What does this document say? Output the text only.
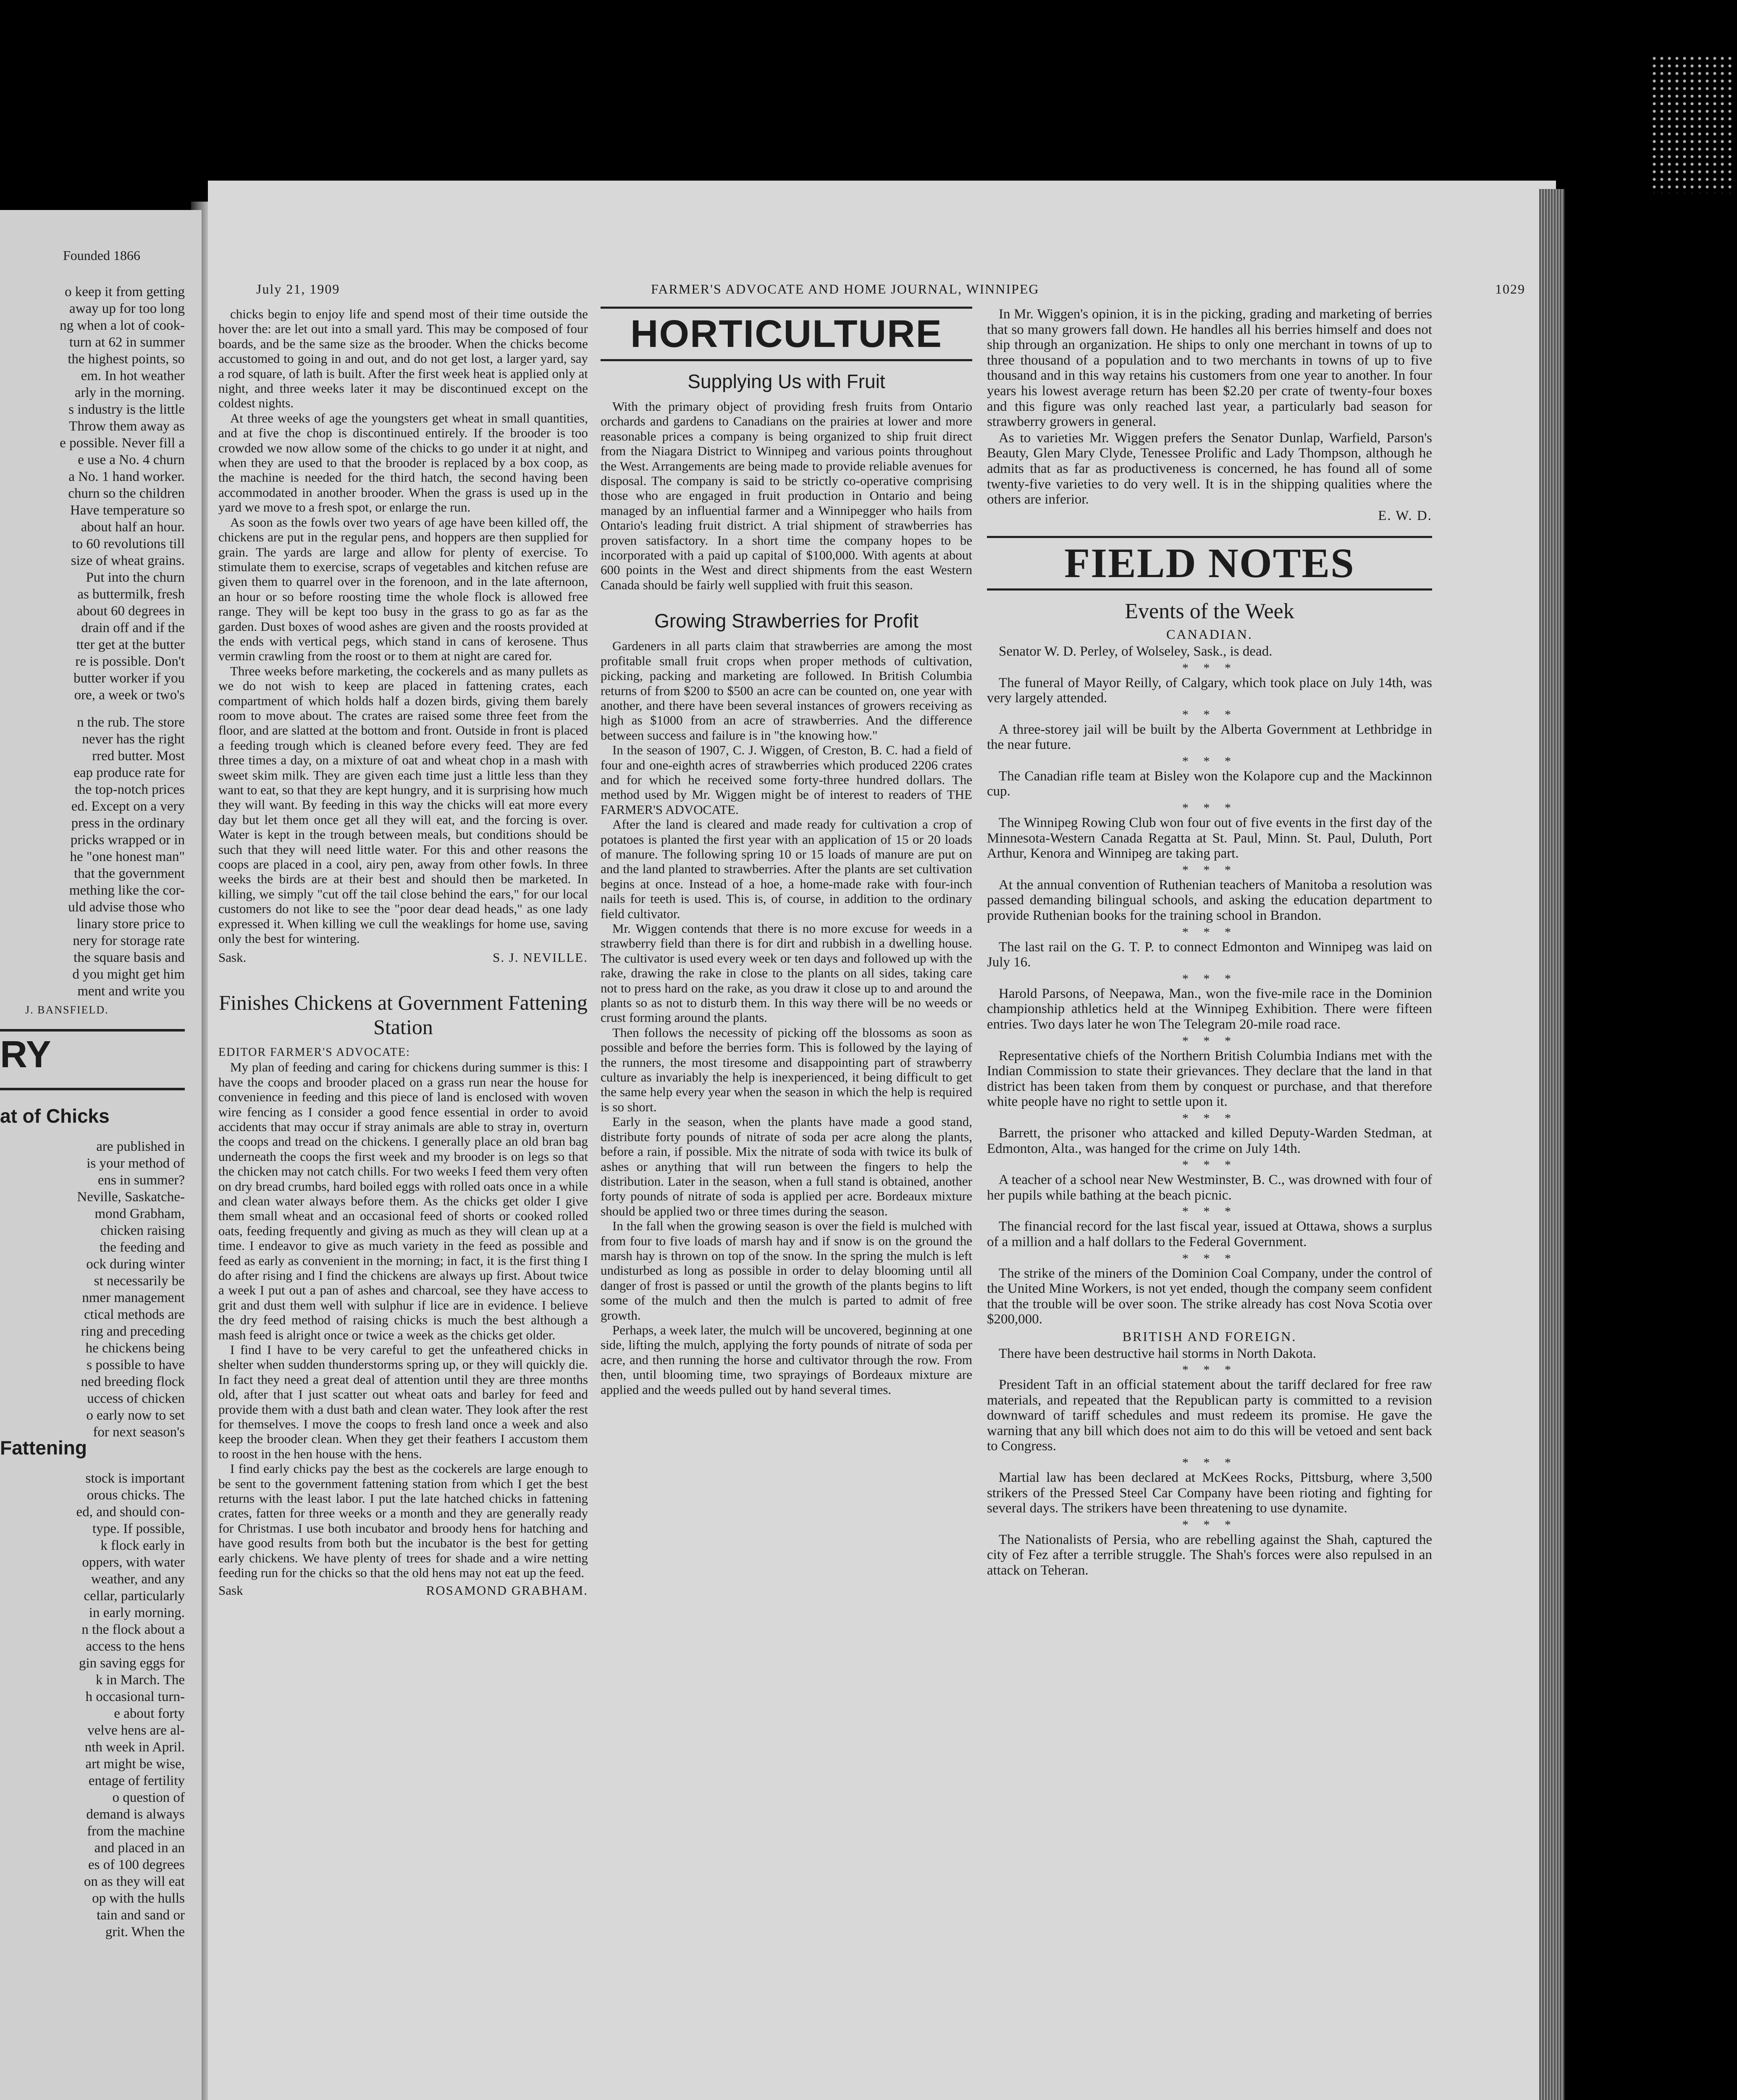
Founded 1866
o keep it from getting
away up for too long
ng when a lot of cook-
turn at 62 in summer
the highest points, so
em. In hot weather
arly in the morning.
s industry is the little
Throw them away as
e possible. Never fill a
e use a No. 4 churn
a No. 1 hand worker.
churn so the children
Have temperature so
about half an hour.
to 60 revolutions till
size of wheat grains.
Put into the churn
as buttermilk, fresh
about 60 degrees in
drain off and if the
tter get at the butter
re is possible. Don't
butter worker if you
ore, a week or two's
n the rub. The store
never has the right
rred butter. Most
eap produce rate for
the top-notch prices
ed. Except on a very
press in the ordinary
pricks wrapped or in
he "one honest man"
that the government
mething like the cor-
uld advise those who
linary store price to
nery for storage rate
the square basis and
d you might get him
ment and write you
J. BANSFIELD.
RY
at of Chicks
are published in
is your method of
ens in summer?
Neville, Saskatche-
mond Grabham,
chicken raising
the feeding and
ock during winter
st necessarily be
nmer management
ctical methods are
ring and preceding
he chickens being
s possible to have
ned breeding flock
uccess of chicken
o early now to set
for next season's
Fattening
stock is important
orous chicks. The
ed, and should con-
type. If possible,
k flock early in
oppers, with water
weather, and any
cellar, particularly
in early morning.
n the flock about a
access to the hens
gin saving eggs for
k in March. The
h occasional turn-
e about forty
velve hens are al-
nth week in April.
art might be wise,
entage of fertility
o question of
demand is always
from the machine
and placed in an
es of 100 degrees
on as they will eat
op with the hulls
tain and sand or
grit. When the
July 21, 1909	FARMER'S ADVOCATE AND HOME JOURNAL, WINNIPEG	1029

chicks begin to enjoy life and spend most of their time outside the hover the: are let out into a small yard. This may be composed of four boards, and be the same size as the brooder. When the chicks become accustomed to going in and out, and do not get lost, a larger yard, say a rod square, of lath is built. After the first week heat is applied only at night, and three weeks later it may be discontinued except on the coldest nights.

At three weeks of age the youngsters get wheat in small quantities, and at five the chop is discontinued entirely. If the brooder is too crowded we now allow some of the chicks to go under it at night, and when they are used to that the brooder is replaced by a box coop, as the machine is needed for the third hatch, the second having been accommodated in another brooder. When the grass is used up in the yard we move to a fresh spot, or enlarge the run.

As soon as the fowls over two years of age have been killed off, the chickens are put in the regular pens, and hoppers are then supplied for grain. The yards are large and allow for plenty of exercise. To stimulate them to exercise, scraps of vegetables and kitchen refuse are given them to quarrel over in the forenoon, and in the late afternoon, an hour or so before roosting time the whole flock is allowed free range. They will be kept too busy in the grass to go as far as the garden. Dust boxes of wood ashes are given and the roosts provided at the ends with vertical pegs, which stand in cans of kerosene. Thus vermin crawling from the roost or to them at night are cared for.

Three weeks before marketing, the cockerels and as many pullets as we do not wish to keep are placed in fattening crates, each compartment of which holds half a dozen birds, giving them barely room to move about. The crates are raised some three feet from the floor, and are slatted at the bottom and front. Outside in front is placed a feeding trough which is cleaned before every feed. They are fed three times a day, on a mixture of oat and wheat chop in a mash with sweet skim milk. They are given each time just a little less than they want to eat, so that they are kept hungry, and it is surprising how much they will want. By feeding in this way the chicks will eat more every day but let them once get all they will eat, and the forcing is over. Water is kept in the trough between meals, but conditions should be such that they will need little water. For this and other reasons the coops are placed in a cool, airy pen, away from other fowls. In three weeks the birds are at their best and should then be marketed. In killing, we simply "cut off the tail close behind the ears," for our local customers do not like to see the "poor dear dead heads," as one lady expressed it. When killing we cull the weaklings for home use, saving only the best for wintering.

Sask.	S. J. NEVILLE.
Finishes Chickens at Government Fattening Station

EDITOR FARMER'S ADVOCATE:

My plan of feeding and caring for chickens during summer is this: I have the coops and brooder placed on a grass run near the house for convenience in feeding and this piece of land is enclosed with woven wire fencing as I consider a good fence essential in order to avoid accidents that may occur if stray animals are able to stray in, overturn the coops and tread on the chickens. I generally place an old bran bag underneath the coops the first week and my brooder is on legs so that the chicken may not catch chills. For two weeks I feed them very often on dry bread crumbs, hard boiled eggs with rolled oats once in a while and clean water always before them. As the chicks get older I give them small wheat and an occasional feed of shorts or cooked rolled oats, feeding frequently and giving as much as they will clean up at a time. I endeavor to give as much variety in the feed as possible and feed as early as convenient in the morning; in fact, it is the first thing I do after rising and I find the chickens are always up first. About twice a week I put out a pan of ashes and charcoal, see they have access to grit and dust them well with sulphur if lice are in evidence. I believe the dry feed method of raising chicks is much the best although a mash feed is alright once or twice a week as the chicks get older.

I find I have to be very careful to get the unfeathered chicks in shelter when sudden thunderstorms spring up, or they will quickly die. In fact they need a great deal of attention until they are three months old, after that I just scatter out wheat oats and barley for feed and provide them with a dust bath and clean water. They look after the rest for themselves. I move the coops to fresh land once a week and also keep the brooder clean. When they get their feathers I accustom them to roost in the hen house with the hens.

I find early chicks pay the best as the cockerels are large enough to be sent to the government fattening station from which I get the best returns with the least labor. I put the late hatched chicks in fattening crates, fatten for three weeks or a month and they are generally ready for Christmas. I use both incubator and broody hens for hatching and have good results from both but the incubator is the best for getting early chickens. We have plenty of trees for shade and a wire netting feeding run for the chicks so that the old hens may not eat up the feed.

Sask	ROSAMOND GRABHAM.
HORTICULTURE
Supplying Us with Fruit

With the primary object of providing fresh fruits from Ontario orchards and gardens to Canadians on the prairies at lower and more reasonable prices a company is being organized to ship fruit direct from the Niagara District to Winnipeg and various points throughout the West. Arrangements are being made to provide reliable avenues for disposal. The company is said to be strictly co-operative comprising those who are engaged in fruit production in Ontario and being managed by an influential farmer and a Winnipegger who hails from Ontario's leading fruit district. A trial shipment of strawberries has proven satisfactory. In a short time the company hopes to be incorporated with a paid up capital of $100,000. With agents at about 600 points in the West and direct shipments from the east Western Canada should be fairly well supplied with fruit this season.

Growing Strawberries for Profit

Gardeners in all parts claim that strawberries are among the most profitable small fruit crops when proper methods of cultivation, picking, packing and marketing are followed. In British Columbia returns of from $200 to $500 an acre can be counted on, one year with another, and there have been several instances of growers receiving as high as $1000 from an acre of strawberries. And the difference between success and failure is in "the knowing how."

In the season of 1907, C. J. Wiggen, of Creston, B. C. had a field of four and one-eighth acres of strawberries which produced 2206 crates and for which he received some forty-three hundred dollars. The method used by Mr. Wiggen might be of interest to readers of THE FARMER'S ADVOCATE.

After the land is cleared and made ready for cultivation a crop of potatoes is planted the first year with an application of 15 or 20 loads of manure. The following spring 10 or 15 loads of manure are put on and the land planted to strawberries. After the plants are set cultivation begins at once. Instead of a hoe, a home-made rake with four-inch nails for teeth is used. This is, of course, in addition to the ordinary field cultivator.

Mr. Wiggen contends that there is no more excuse for weeds in a strawberry field than there is for dirt and rubbish in a dwelling house. The cultivator is used every week or ten days and followed up with the rake, drawing the rake in close to the plants on all sides, taking care not to press hard on the rake, as you draw it close up to and around the plants so as not to disturb them. In this way there will be no weeds or crust forming around the plants.

Then follows the necessity of picking off the blossoms as soon as possible and before the berries form. This is followed by the laying of the runners, the most tiresome and disappointing part of strawberry culture as invariably the help is inexperienced, it being difficult to get the same help every year when the season in which the help is required is so short.

Early in the season, when the plants have made a good stand, distribute forty pounds of nitrate of soda per acre along the plants, before a rain, if possible. Mix the nitrate of soda with twice its bulk of ashes or anything that will run between the fingers to help the distribution. Later in the season, when a full stand is obtained, another forty pounds of nitrate of soda is applied per acre. Bordeaux mixture should be applied two or three times during the season.

In the fall when the growing season is over the field is mulched with from four to five loads of marsh hay and if snow is on the ground the marsh hay is thrown on top of the snow. In the spring the mulch is left undisturbed as long as possible in order to delay blooming until all danger of frost is passed or until the growth of the plants begins to lift some of the mulch and then the mulch is parted to admit of free growth.

Perhaps, a week later, the mulch will be uncovered, beginning at one side, lifting the mulch, applying the forty pounds of nitrate of soda per acre, and then running the horse and cultivator through the row. From then, until blooming time, two sprayings of Bordeaux mixture are applied and the weeds pulled out by hand several times.

In Mr. Wiggen's opinion, it is in the picking, grading and marketing of berries that so many growers fall down. He handles all his berries himself and does not ship through an organization. He ships to only one merchant in towns of up to three thousand of a population and to two merchants in towns of up to five thousand and in this way retains his customers from one year to another. In four years his lowest average return has been $2.20 per crate of twenty-four boxes and this figure was only reached last year, a particularly bad season for strawberry growers in general.

As to varieties Mr. Wiggen prefers the Senator Dunlap, Warfield, Parson's Beauty, Glen Mary Clyde, Tenessee Prolific and Lady Thompson, although he admits that as far as productiveness is concerned, he has found all of some twenty-five varieties to do very well. It is in the shipping qualities where the others are inferior.

E. W. D.
FIELD NOTES
Events of the Week
CANADIAN.

Senator W. D. Perley, of Wolseley, Sask., is dead.

* * *

The funeral of Mayor Reilly, of Calgary, which took place on July 14th, was very largely attended.

* * *

A three-storey jail will be built by the Alberta Government at Lethbridge in the near future.

* * *

The Canadian rifle team at Bisley won the Kolapore cup and the Mackinnon cup.

* * *

The Winnipeg Rowing Club won four out of five events in the first day of the Minnesota-Western Canada Regatta at St. Paul, Minn. St. Paul, Duluth, Port Arthur, Kenora and Winnipeg are taking part.

* * *

At the annual convention of Ruthenian teachers of Manitoba a resolution was passed demanding bilingual schools, and asking the education department to provide Ruthenian books for the training school in Brandon.

* * *

The last rail on the G. T. P. to connect Edmonton and Winnipeg was laid on July 16.

* * *

Harold Parsons, of Neepawa, Man., won the five-mile race in the Dominion championship athletics held at the Winnipeg Exhibition. There were fifteen entries. Two days later he won The Telegram 20-mile road race.

* * *

Representative chiefs of the Northern British Columbia Indians met with the Indian Commission to state their grievances. They declare that the land in that district has been taken from them by conquest or purchase, and that therefore white people have no right to settle upon it.

* * *

Barrett, the prisoner who attacked and killed Deputy-Warden Stedman, at Edmonton, Alta., was hanged for the crime on July 14th.

* * *

A teacher of a school near New Westminster, B. C., was drowned with four of her pupils while bathing at the beach picnic.

* * *

The financial record for the last fiscal year, issued at Ottawa, shows a surplus of a million and a half dollars to the Federal Government.

* * *

The strike of the miners of the Dominion Coal Company, under the control of the United Mine Workers, is not yet ended, though the company seem confident that the trouble will be over soon. The strike already has cost Nova Scotia over $200,000.

BRITISH AND FOREIGN.

There have been destructive hail storms in North Dakota.

* * *

President Taft in an official statement about the tariff declared for free raw materials, and repeated that the Republican party is committed to a revision downward of tariff schedules and must redeem its promise. He gave the warning that any bill which does not aim to do this will be vetoed and sent back to Congress.

* * *

Martial law has been declared at McKees Rocks, Pittsburg, where 3,500 strikers of the Pressed Steel Car Company have been rioting and fighting for several days. The strikers have been threatening to use dynamite.

* * *

The Nationalists of Persia, who are rebelling against the Shah, captured the city of Fez after a terrible struggle. The Shah's forces were also repulsed in an attack on Teheran.
